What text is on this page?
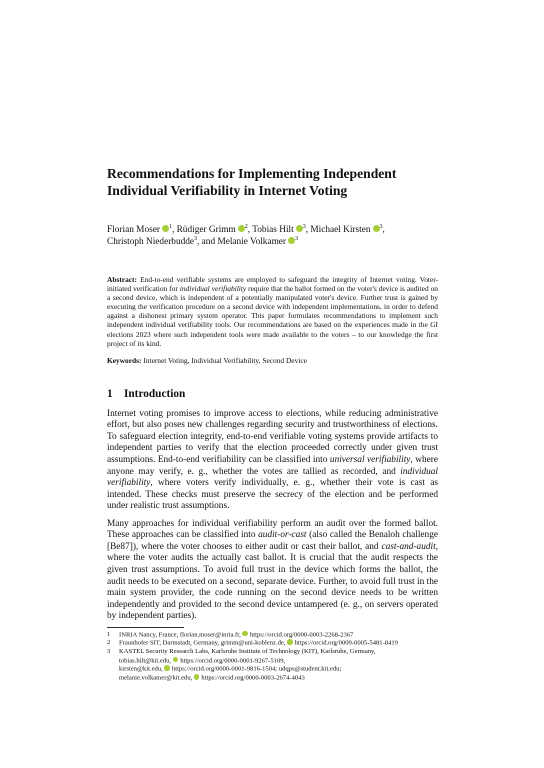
Recommendations for Implementing Independent Individual Verifiability in Internet Voting
Florian Moser $^1$, Rüdiger Grimm $^2$, Tobias Hilt $^3$, Michael Kirsten $^3$,
Christoph Niederbudde$^3$, and Melanie Volkamer $^3$

Abstract: End-to-end verifiable systems are employed to safeguard the integrity of Internet voting. Voter-initiated verification for individual verifiability require that the ballot formed on the voter's device is audited on a second device, which is independent of a potentially manipulated voter's device. Further trust is gained by executing the verification procedure on a second device with independent implementations, in order to defend against a dishonest primary system operator. This paper formulates recommendations to implement such independent individual verifiability tools. Our recommendations are based on the experiences made in the GI elections 2023 where such independent tools were made available to the voters – to our knowledge the first project of its kind.

Keywords: Internet Voting, Individual Verifiability, Second Device
1 Introduction

Internet voting promises to improve access to elections, while reducing administrative effort, but also poses new challenges regarding security and trustworthiness of elections. To safeguard election integrity, end-to-end verifiable voting systems provide artifacts to independent parties to verify that the election proceeded correctly under given trust assumptions. End-to-end verifiability can be classified into universal verifiability, where anyone may verify, e. g., whether the votes are tallied as recorded, and individual verifiability, where voters verify individually, e. g., whether their vote is cast as intended. These checks must preserve the secrecy of the election and be performed under realistic trust assumptions.

Many approaches for individual verifiability perform an audit over the formed ballot. These approaches can be classified into audit-or-cast (also called the Benaloh challenge [Be87]), where the voter chooses to either audit or cast their ballot, and cast-and-audit, where the voter audits the actually cast ballot. It is crucial that the audit respects the given trust assumptions. To avoid full trust in the device which forms the ballot, the audit needs to be executed on a second, separate device. Further, to avoid full trust in the main system provider, the code running on the second device needs to be written independently and provided to the second device untampered (e. g., on servers operated by independent parties).

1 INRIA Nancy, France, florian.moser@inria.fr, https://orcid.org/0000-0003-2268-2367
2 Fraunhofer SIT, Darmstadt, Germany, grimm@uni-koblenz.de, https://orcid.org/0009-0005-5481-8419
3 KASTEL Security Research Labs, Karlsruhe Institute of Technology (KIT), Karlsruhe, Germany,
tobias.hilt@kit.edu, https://orcid.org/0000-0001-9267-5109,
kirsten@kit.edu, https://orcid.org/0000-0001-9816-1504; udqps@student.kit.edu;
melanie.volkamer@kit.edu, https://orcid.org/0000-0003-2674-4043
